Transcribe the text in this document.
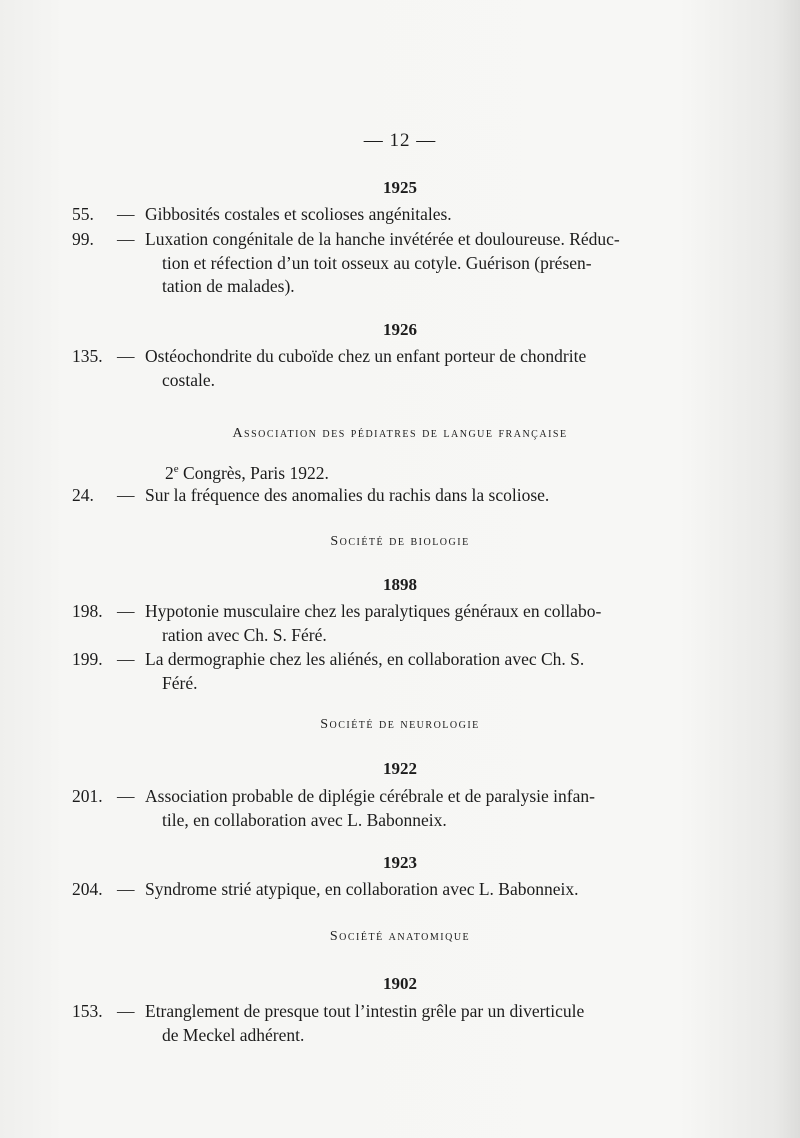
— 12 —
1925
55.	— Gibbosités costales et scolioses angénitales.
99.	— Luxation congénitale de la hanche invétérée et douloureuse. Réduc-
tion et réfection d’un toit osseux au cotyle. Guérison (présen-
tation de malades).
1926
135. — Ostéochondrite du cuboïde chez un enfant porteur de chondrite
costale.
Association des pédiatres de langue française
2e Congrès, Paris 1922.
24.	— Sur la fréquence des anomalies du rachis dans la scoliose.
Société de biologie
1898
198. — Hypotonie musculaire chez les paralytiques généraux en collabo-
ration avec Ch. S. Féré.
199. — La dermographie chez les aliénés, en collaboration avec Ch. S.
Féré.
Société de neurologie
1922
201. — Association probable de diplégie cérébrale et de paralysie infan-
tile, en collaboration avec L. Babonneix.
1923
204. — Syndrome strié atypique, en collaboration avec L. Babonneix.
Société anatomique
1902
153. — Etranglement de presque tout l’intestin grêle par un diverticule
de Meckel adhérent.
